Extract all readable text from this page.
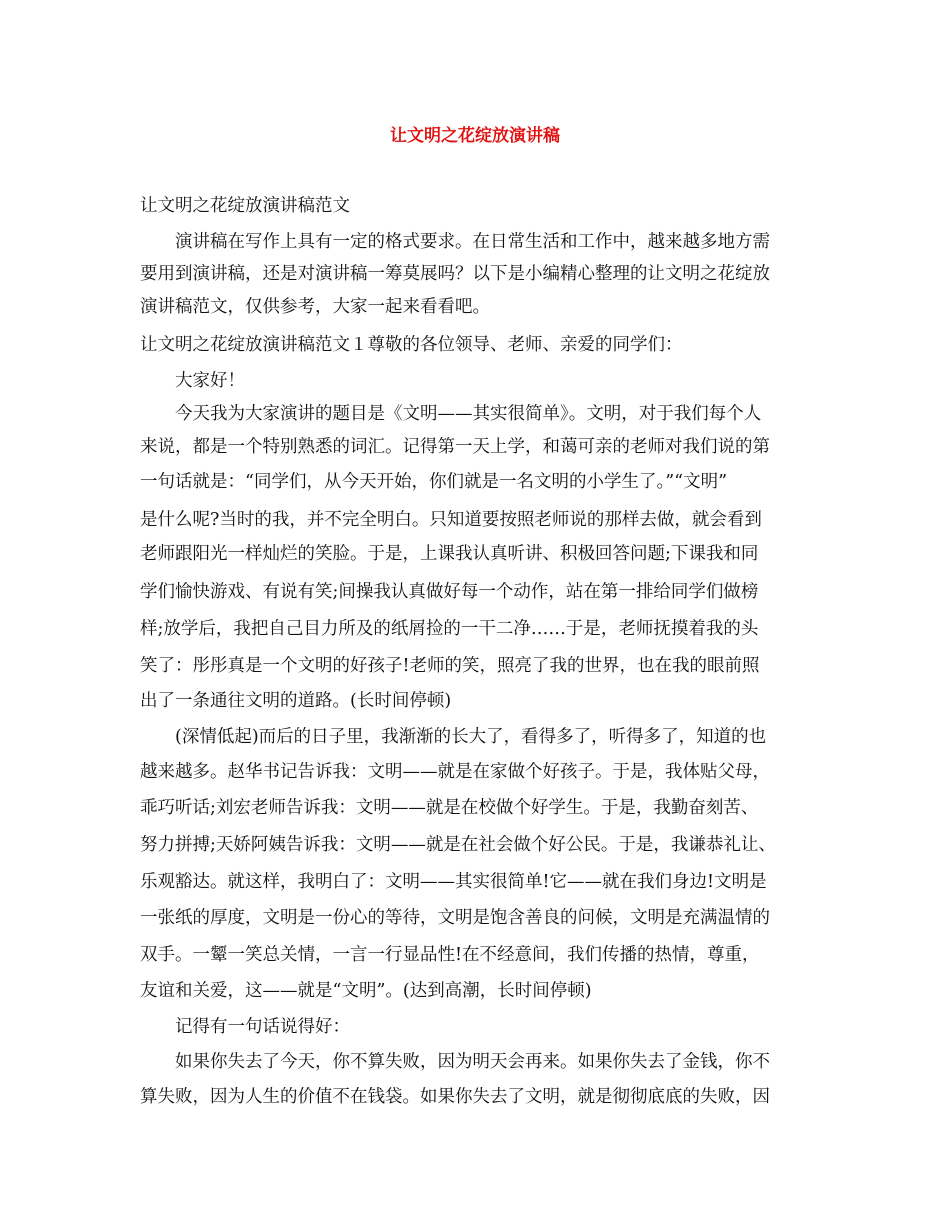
让文明之花绽放演讲稿
让文明之花绽放演讲稿范文
　　演讲稿在写作上具有一定的格式要求。在日常生活和工作中，越来越多地方需
要用到演讲稿，还是对演讲稿一筹莫展吗？以下是小编精心整理的让文明之花绽放
演讲稿范文，仅供参考，大家一起来看看吧。
让文明之花绽放演讲稿范文１尊敬的各位领导、老师、亲爱的同学们：
　　大家好！
　　今天我为大家演讲的题目是《文明——其实很简单》。文明，对于我们每个人
来说，都是一个特别熟悉的词汇。记得第一天上学，和蔼可亲的老师对我们说的第
一句话就是：“同学们，从今天开始，你们就是一名文明的小学生了。”“文明”
是什么呢?当时的我，并不完全明白。只知道要按照老师说的那样去做，就会看到
老师跟阳光一样灿烂的笑脸。于是，上课我认真听讲、积极回答问题;下课我和同
学们愉快游戏、有说有笑;间操我认真做好每一个动作，站在第一排给同学们做榜
样;放学后，我把自己目力所及的纸屑捡的一干二净……于是，老师抚摸着我的头
笑了：彤彤真是一个文明的好孩子!老师的笑，照亮了我的世界，也在我的眼前照
出了一条通往文明的道路。(长时间停顿)
　　(深情低起)而后的日子里，我渐渐的长大了，看得多了，听得多了，知道的也
越来越多。赵华书记告诉我：文明——就是在家做个好孩子。于是，我体贴父母，
乖巧听话;刘宏老师告诉我：文明——就是在校做个好学生。于是，我勤奋刻苦、
努力拼搏;天娇阿姨告诉我：文明——就是在社会做个好公民。于是，我谦恭礼让、
乐观豁达。就这样，我明白了：文明——其实很简单!它——就在我们身边!文明是
一张纸的厚度，文明是一份心的等待，文明是饱含善良的问候，文明是充满温情的
双手。一颦一笑总关情，一言一行显品性!在不经意间，我们传播的热情，尊重，
友谊和关爱，这——就是“文明”。(达到高潮，长时间停顿)
　　记得有一句话说得好：
　　如果你失去了今天，你不算失败，因为明天会再来。如果你失去了金钱，你不
算失败，因为人生的价值不在钱袋。如果你失去了文明，就是彻彻底底的失败，因
